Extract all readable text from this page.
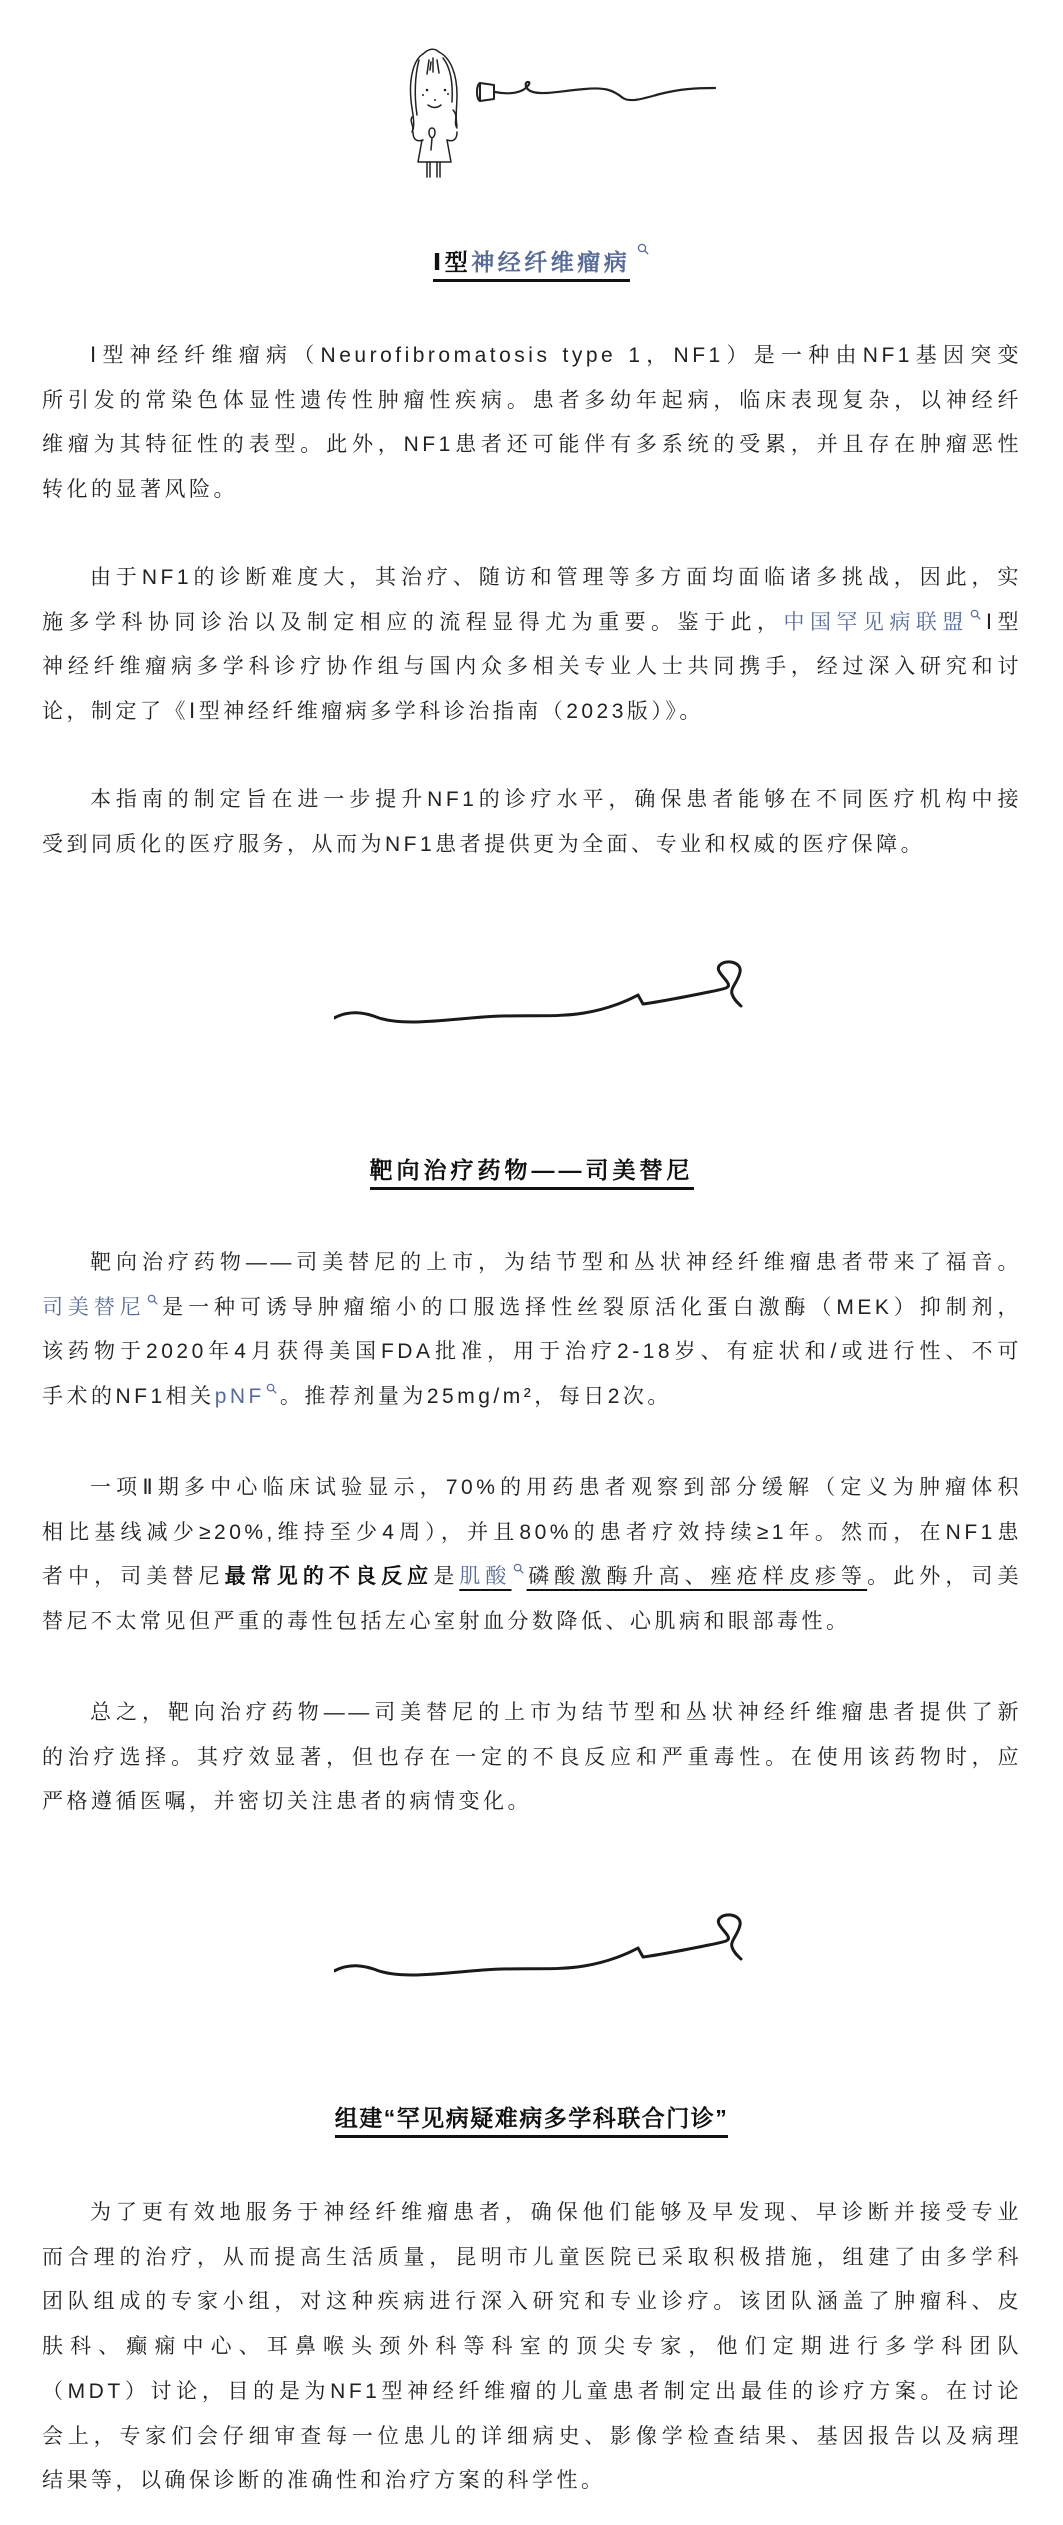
Ⅰ型神经纤维瘤病
Ⅰ型神经纤维瘤病（Neurofibromatosis type 1，NF1）是一种由NF1基因突变
所引发的常染色体显性遗传性肿瘤性疾病。患者多幼年起病，临床表现复杂，以神经纤
维瘤为其特征性的表型。此外，NF1患者还可能伴有多系统的受累，并且存在肿瘤恶性
转化的显著风险。
由于NF1的诊断难度大，其治疗、随访和管理等多方面均面临诸多挑战，因此，实
施多学科协同诊治以及制定相应的流程显得尤为重要。鉴于此，中国罕见病联盟 Ⅰ型
神经纤维瘤病多学科诊疗协作组与国内众多相关专业人士共同携手，经过深入研究和讨
论，制定了《Ⅰ型神经纤维瘤病多学科诊治指南（2023版）》。
本指南的制定旨在进一步提升NF1的诊疗水平，确保患者能够在不同医疗机构中接
受到同质化的医疗服务，从而为NF1患者提供更为全面、专业和权威的医疗保障。
靶向治疗药物——司美替尼
靶向治疗药物——司美替尼的上市，为结节型和丛状神经纤维瘤患者带来了福音。
司美替尼 是一种可诱导肿瘤缩小的口服选择性丝裂原活化蛋白激酶（MEK）抑制剂，
该药物于2020年4月获得美国FDA批准，用于治疗2-18岁、有症状和/或进行性、不可
手术的NF1相关pNF 。推荐剂量为25mg/m²，每日2次。
一项Ⅱ期多中心临床试验显示，70%的用药患者观察到部分缓解（定义为肿瘤体积
相比基线减少≥20%,维持至少4周），并且80%的患者疗效持续≥1年。然而，在NF1患
者中，司美替尼最常见的不良反应是肌酸 磷酸激酶升高、痤疮样皮疹等。此外，司美
替尼不太常见但严重的毒性包括左心室射血分数降低、心肌病和眼部毒性。
总之，靶向治疗药物——司美替尼的上市为结节型和丛状神经纤维瘤患者提供了新
的治疗选择。其疗效显著，但也存在一定的不良反应和严重毒性。在使用该药物时，应
严格遵循医嘱，并密切关注患者的病情变化。
组建“罕见病疑难病多学科联合门诊”
为了更有效地服务于神经纤维瘤患者，确保他们能够及早发现、早诊断并接受专业
而合理的治疗，从而提高生活质量，昆明市儿童医院已采取积极措施，组建了由多学科
团队组成的专家小组，对这种疾病进行深入研究和专业诊疗。该团队涵盖了肿瘤科、皮
肤科、癫痫中心、耳鼻喉头颈外科等科室的顶尖专家，他们定期进行多学科团队
（MDT）讨论，目的是为NF1型神经纤维瘤的儿童患者制定出最佳的诊疗方案。在讨论
会上，专家们会仔细审查每一位患儿的详细病史、影像学检查结果、基因报告以及病理
结果等，以确保诊断的准确性和治疗方案的科学性。
